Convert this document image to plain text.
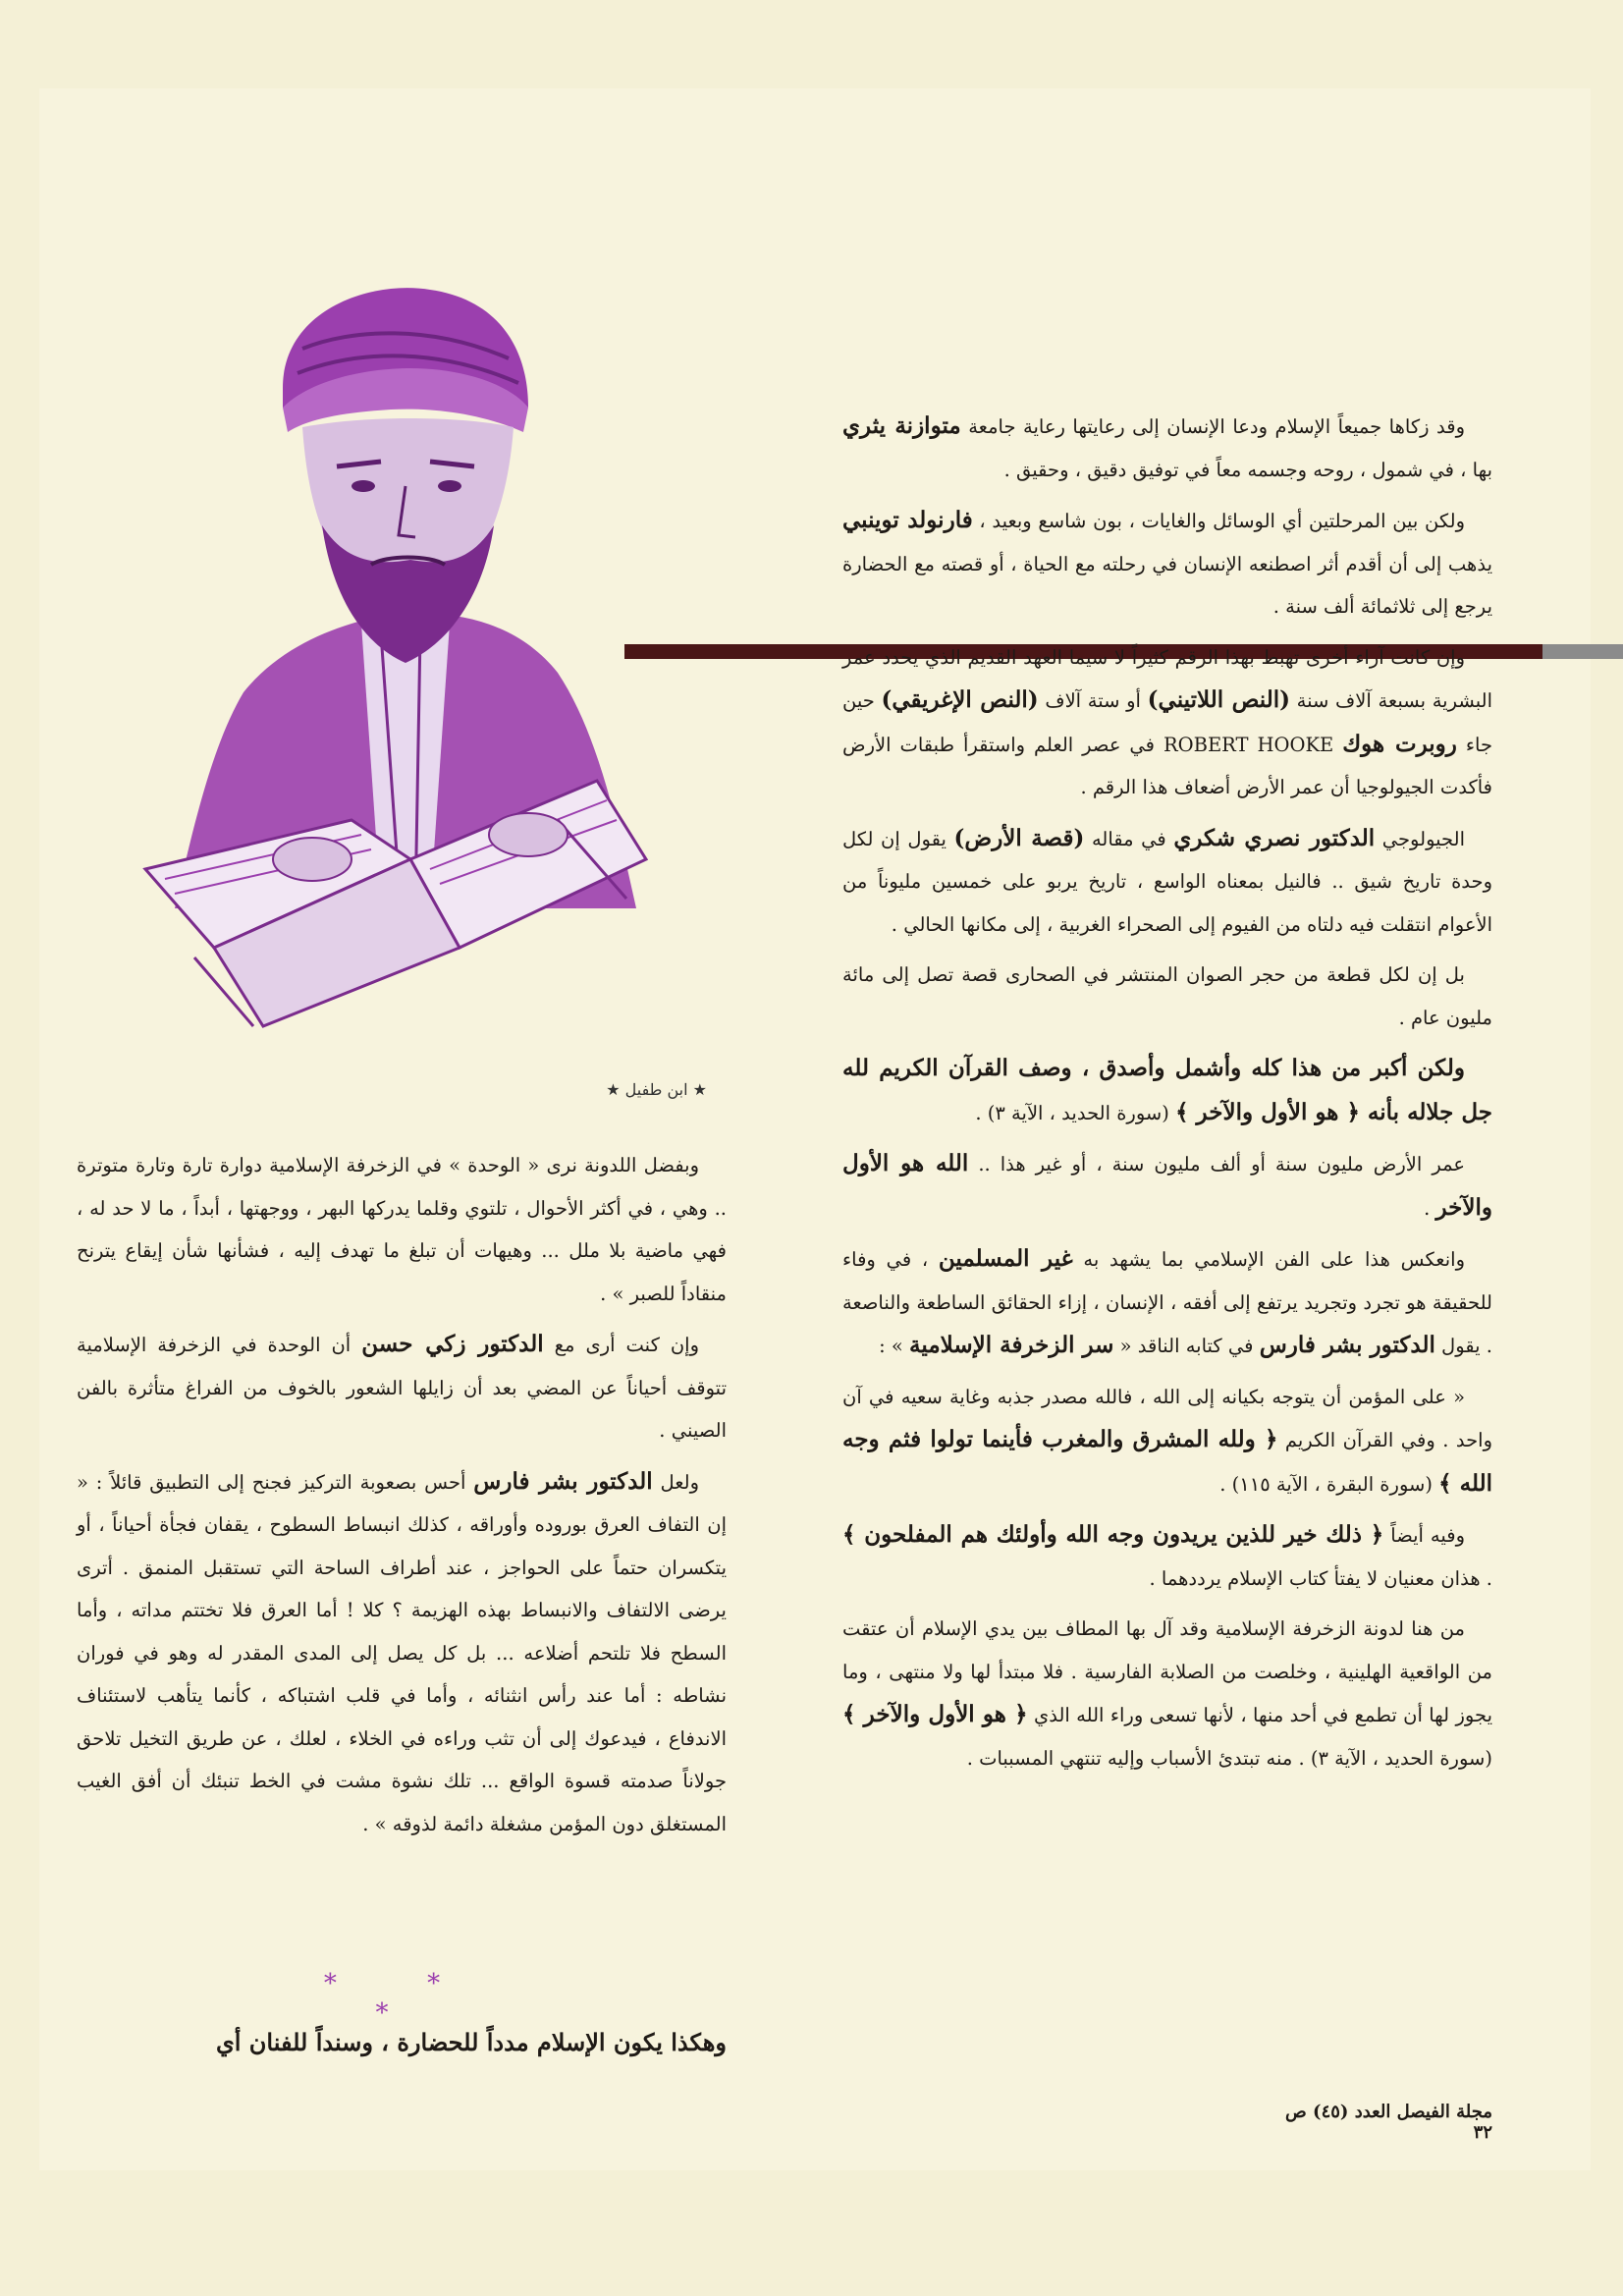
★ ابن طفيل ★

وقد زكاها جميعاً الإسلام ودعا الإنسان إلى رعايتها رعاية جامعة متوازنة يثري بها ، في شمول ، روحه وجسمه معاً في توفيق دقيق ، وحقيق .

ولكن بين المرحلتين أي الوسائل والغايات ، بون شاسع وبعيد ، فارنولد توينبي يذهب إلى أن أقدم أثر اصطنعه الإنسان في رحلته مع الحياة ، أو قصته مع الحضارة يرجع إلى ثلاثمائة ألف سنة .

وإن كانت آراء أخرى تهبط بهذا الرقم كثيراً لا سيما العهد القديم الذي يحدد عمر البشرية بسبعة آلاف سنة (النص اللاتيني) أو ستة آلاف (النص الإغريقي) حين جاء روبرت هوك ROBERT HOOKE في عصر العلم واستقرأ طبقات الأرض فأكدت الجيولوجيا أن عمر الأرض أضعاف هذا الرقم .

الجيولوجي الدكتور نصري شكري في مقاله (قصة الأرض) يقول إن لكل وحدة تاريخ شيق .. فالنيل بمعناه الواسع ، تاريخ يربو على خمسين مليوناً من الأعوام انتقلت فيه دلتاه من الفيوم إلى الصحراء الغربية ، إلى مكانها الحالي .

بل إن لكل قطعة من حجر الصوان المنتشر في الصحارى قصة تصل إلى مائة مليون عام .

ولكن أكبر من هذا كله وأشمل وأصدق ، وصف القرآن الكريم لله جل جلاله بأنه ﴿ هو الأول والآخر ﴾ (سورة الحديد ، الآية ٣) .

عمر الأرض مليون سنة أو ألف مليون سنة ، أو غير هذا .. الله هو الأول والآخر .

وانعكس هذا على الفن الإسلامي بما يشهد به غير المسلمين ، في وفاء للحقيقة هو تجرد وتجريد يرتفع إلى أفقه ، الإنسان ، إزاء الحقائق الساطعة والناصعة . يقول الدكتور بشر فارس في كتابه الناقد « سر الزخرفة الإسلامية » :

« على المؤمن أن يتوجه بكيانه إلى الله ، فالله مصدر جذبه وغاية سعيه في آن واحد . وفي القرآن الكريم ﴿ ولله المشرق والمغرب فأينما تولوا فثم وجه الله ﴾ (سورة البقرة ، الآية ١١٥) .

وفيه أيضاً ﴿ ذلك خير للذين يريدون وجه الله وأولئك هم المفلحون ﴾ . هذان معنيان لا يفتأ كتاب الإسلام يرددهما .

من هنا لدونة الزخرفة الإسلامية وقد آل بها المطاف بين يدي الإسلام أن عتقت من الواقعية الهلينية ، وخلصت من الصلابة الفارسية . فلا مبتدأ لها ولا منتهى ، وما يجوز لها أن تطمع في أحد منها ، لأنها تسعى وراء الله الذي ﴿ هو الأول والآخر ﴾ (سورة الحديد ، الآية ٣) . منه تبتدئ الأسباب وإليه تنتهي المسببات .

وبفضل اللدونة نرى « الوحدة » في الزخرفة الإسلامية دوارة تارة وتارة متوترة .. وهي ، في أكثر الأحوال ، تلتوي وقلما يدركها البهر ، ووجهتها ، أبداً ، ما لا حد له ، فهي ماضية بلا ملل ... وهيهات أن تبلغ ما تهدف إليه ، فشأنها شأن إيقاع يترنح منقاداً للصبر » .

وإن كنت أرى مع الدكتور زكي حسن أن الوحدة في الزخرفة الإسلامية تتوقف أحياناً عن المضي بعد أن زايلها الشعور بالخوف من الفراغ متأثرة بالفن الصيني .

ولعل الدكتور بشر فارس أحس بصعوبة التركيز فجنح إلى التطبيق قائلاً : « إن التفاف العرق بوروده وأوراقه ، كذلك انبساط السطوح ، يقفان فجأة أحياناً ، أو يتكسران حتماً على الحواجز ، عند أطراف الساحة التي تستقبل المنمق . أترى يرضى الالتفاف والانبساط بهذه الهزيمة ؟ كلا ! أما العرق فلا تختتم مداته ، وأما السطح فلا تلتحم أضلاعه ... بل كل يصل إلى المدى المقدر له وهو في فوران نشاطه : أما عند رأس انثنائه ، وأما في قلب اشتباكه ، كأنما يتأهب لاستئناف الاندفاع ، فيدعوك إلى أن تثب وراءه في الخلاء ، لعلك ، عن طريق التخيل تلاحق جولاناً صدمته قسوة الواقع ... تلك نشوة مشت في الخط تنبئك أن أفق الغيب المستغلق دون المؤمن مشغلة دائمة لذوقه » .

* * *
وهكذا يكون الإسلام مدداً للحضارة ، وسنداً للفنان أي
مجلة الفيصل العدد (٤٥) ص ٣٢
